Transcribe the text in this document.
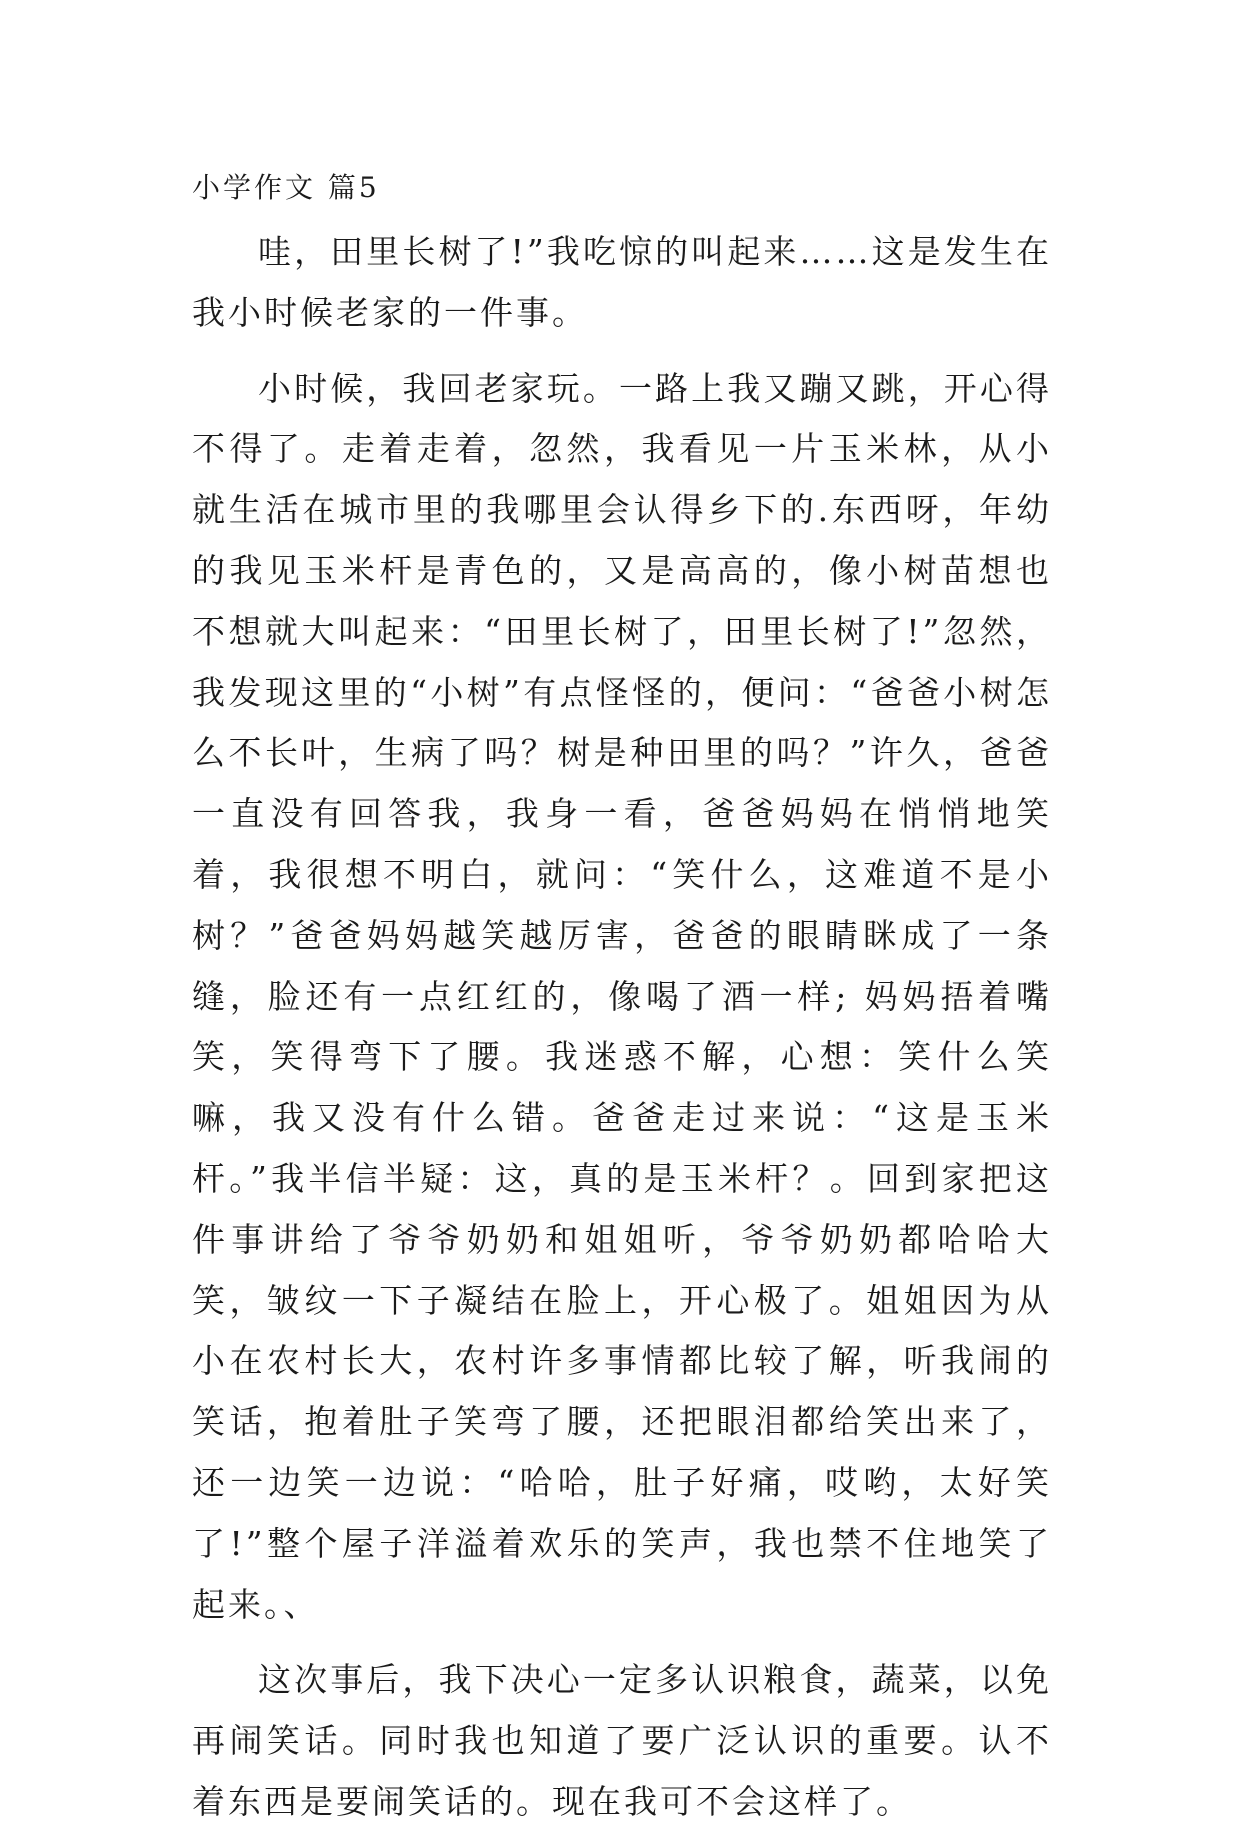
小学作文 篇5

哇，田里长树了!”我吃惊的叫起来……这是发生在我小时候老家的一件事。

小时候，我回老家玩。一路上我又蹦又跳，开心得不得了。走着走着，忽然，我看见一片玉米林，从小就生活在城市里的我哪里会认得乡下的.东西呀，年幼的我见玉米杆是青色的，又是高高的，像小树苗想也不想就大叫起来：“田里长树了，田里长树了!”忽然，我发现这里的“小树”有点怪怪的，便问：“爸爸小树怎么不长叶，生病了吗？树是种田里的吗？”许久，爸爸一直没有回答我，我身一看，爸爸妈妈在悄悄地笑着，我很想不明白，就问：“笑什么，这难道不是小树？”爸爸妈妈越笑越厉害，爸爸的眼睛眯成了一条缝，脸还有一点红红的，像喝了酒一样; 妈妈捂着嘴笑，笑得弯下了腰。我迷惑不解，心想：笑什么笑嘛，我又没有什么错。爸爸走过来说：“这是玉米杆。”我半信半疑：这，真的是玉米杆？。回到家把这件事讲给了爷爷奶奶和姐姐听，爷爷奶奶都哈哈大笑，皱纹一下子凝结在脸上，开心极了。姐姐因为从小在农村长大，农村许多事情都比较了解，听我闹的笑话，抱着肚子笑弯了腰，还把眼泪都给笑出来了，还一边笑一边说：“哈哈，肚子好痛，哎哟，太好笑了!”整个屋子洋溢着欢乐的笑声，我也禁不住地笑了起来。、

这次事后，我下决心一定多认识粮食，蔬菜，以免再闹笑话。同时我也知道了要广泛认识的重要。认不着东西是要闹笑话的。现在我可不会这样了。
